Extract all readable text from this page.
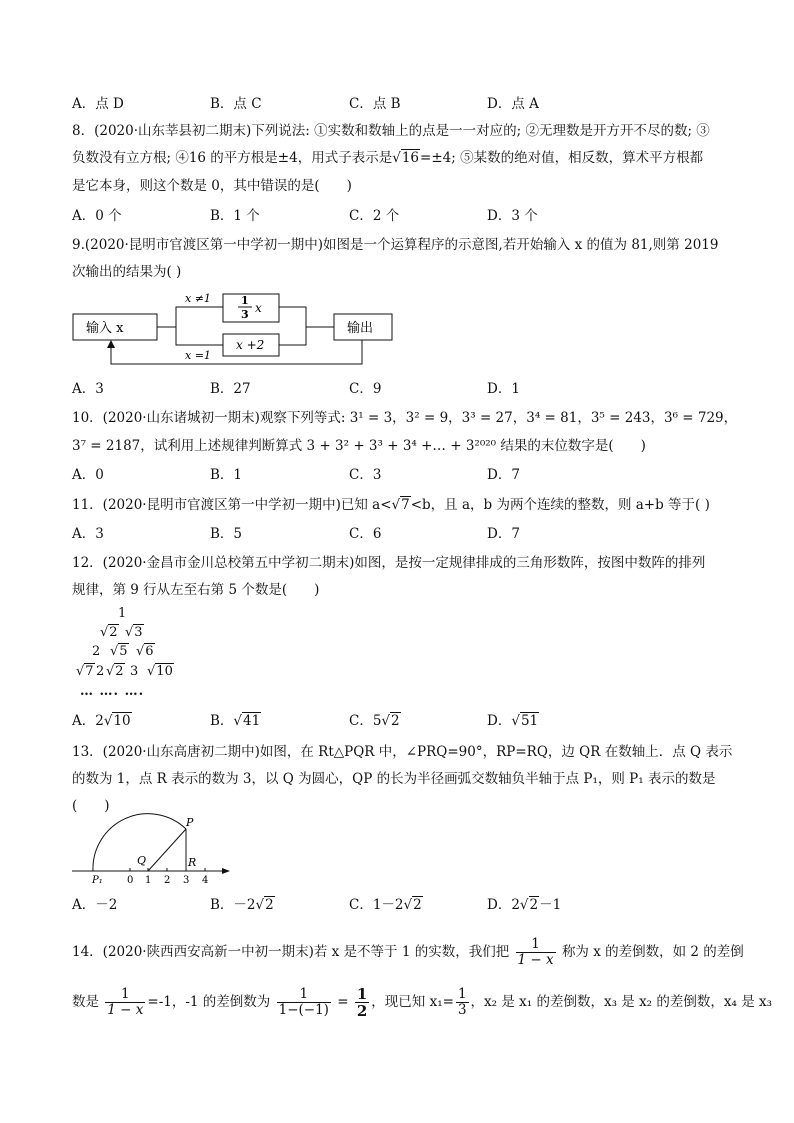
A．点 D	B．点 C	C．点 B	D．点 A
8．(2020·山东莘县初二期末)下列说法: ①实数和数轴上的点是一一对应的; ②无理数是开方开不尽的数; ③
负数没有立方根; ④16 的平方根是±4，用式子表示是√16=±4; ⑤某数的绝对值，相反数，算术平方根都
是它本身，则这个数是 0，其中错误的是(　　)
A．0 个	B．1 个	C．2 个	D．3 个
9.(2020·昆明市官渡区第一中学初一期中)如图是一个运算程序的示意图,若开始输入 x 的值为 81,则第 2019
次输出的结果为( )
输入 x	输出
x ≠1
x =1
1
3 x
x +2
A．3	B．27	C．9	D．1
10．(2020·山东诸城初一期末)观察下列等式: 3¹ = 3，3² = 9，3³ = 27，3⁴ = 81，3⁵ = 243，3⁶ = 729，
3⁷ = 2187，试利用上述规律判断算式 3 + 3² + 3³ + 3⁴ +… + 3²⁰²⁰ 结果的末位数字是(　　)
A．0	B．1	C．3	D．7
11．(2020·昆明市官渡区第一中学初一期中)已知 a<√7<b，且 a，b 为两个连续的整数，则 a+b 等于( )
A．3	B．5	C．6	D．7
12．(2020·金昌市金川总校第五中学初二期末)如图，是按一定规律排成的三角形数阵，按图中数阵的排列
规律，第 9 行从左至右第 5 个数是(　　)
1
√2 √3
2 √5 √6
√7 2 √2 3 √10
… …. ….
A．2√10	B．√41	C．5√2	D．√51
13．(2020·山东高唐初二期中)如图，在 Rt△PQR 中，∠PRQ=90°，RP=RQ，边 QR 在数轴上．点 Q 表示
的数为 1，点 R 表示的数为 3，以 Q 为圆心，QP 的长为半径画弧交数轴负半轴于点 P₁，则 P₁ 表示的数是
(　　)
P
Q	R
P₁ 0 1 2 3 4
A．－2	B．－2√2	C．1－2√2	D．2√2－1
14．(2020·陕西西安高新一中初一期末)若 x 是不等于 1 的实数，我们把 $\frac{1}{1 - x}$ 称为 x 的差倒数，如 2 的差倒
数是 $\frac{1}{1 - x} =-1$，-1 的差倒数为 $\frac{1}{1-(-1)} = \frac{1}{2}$ ，现已知 $x_1= \frac{1}{3}$ ，x₂ 是 x₁ 的差倒数，x₃ 是 x₂ 的差倒数，x₄ 是 x₃
